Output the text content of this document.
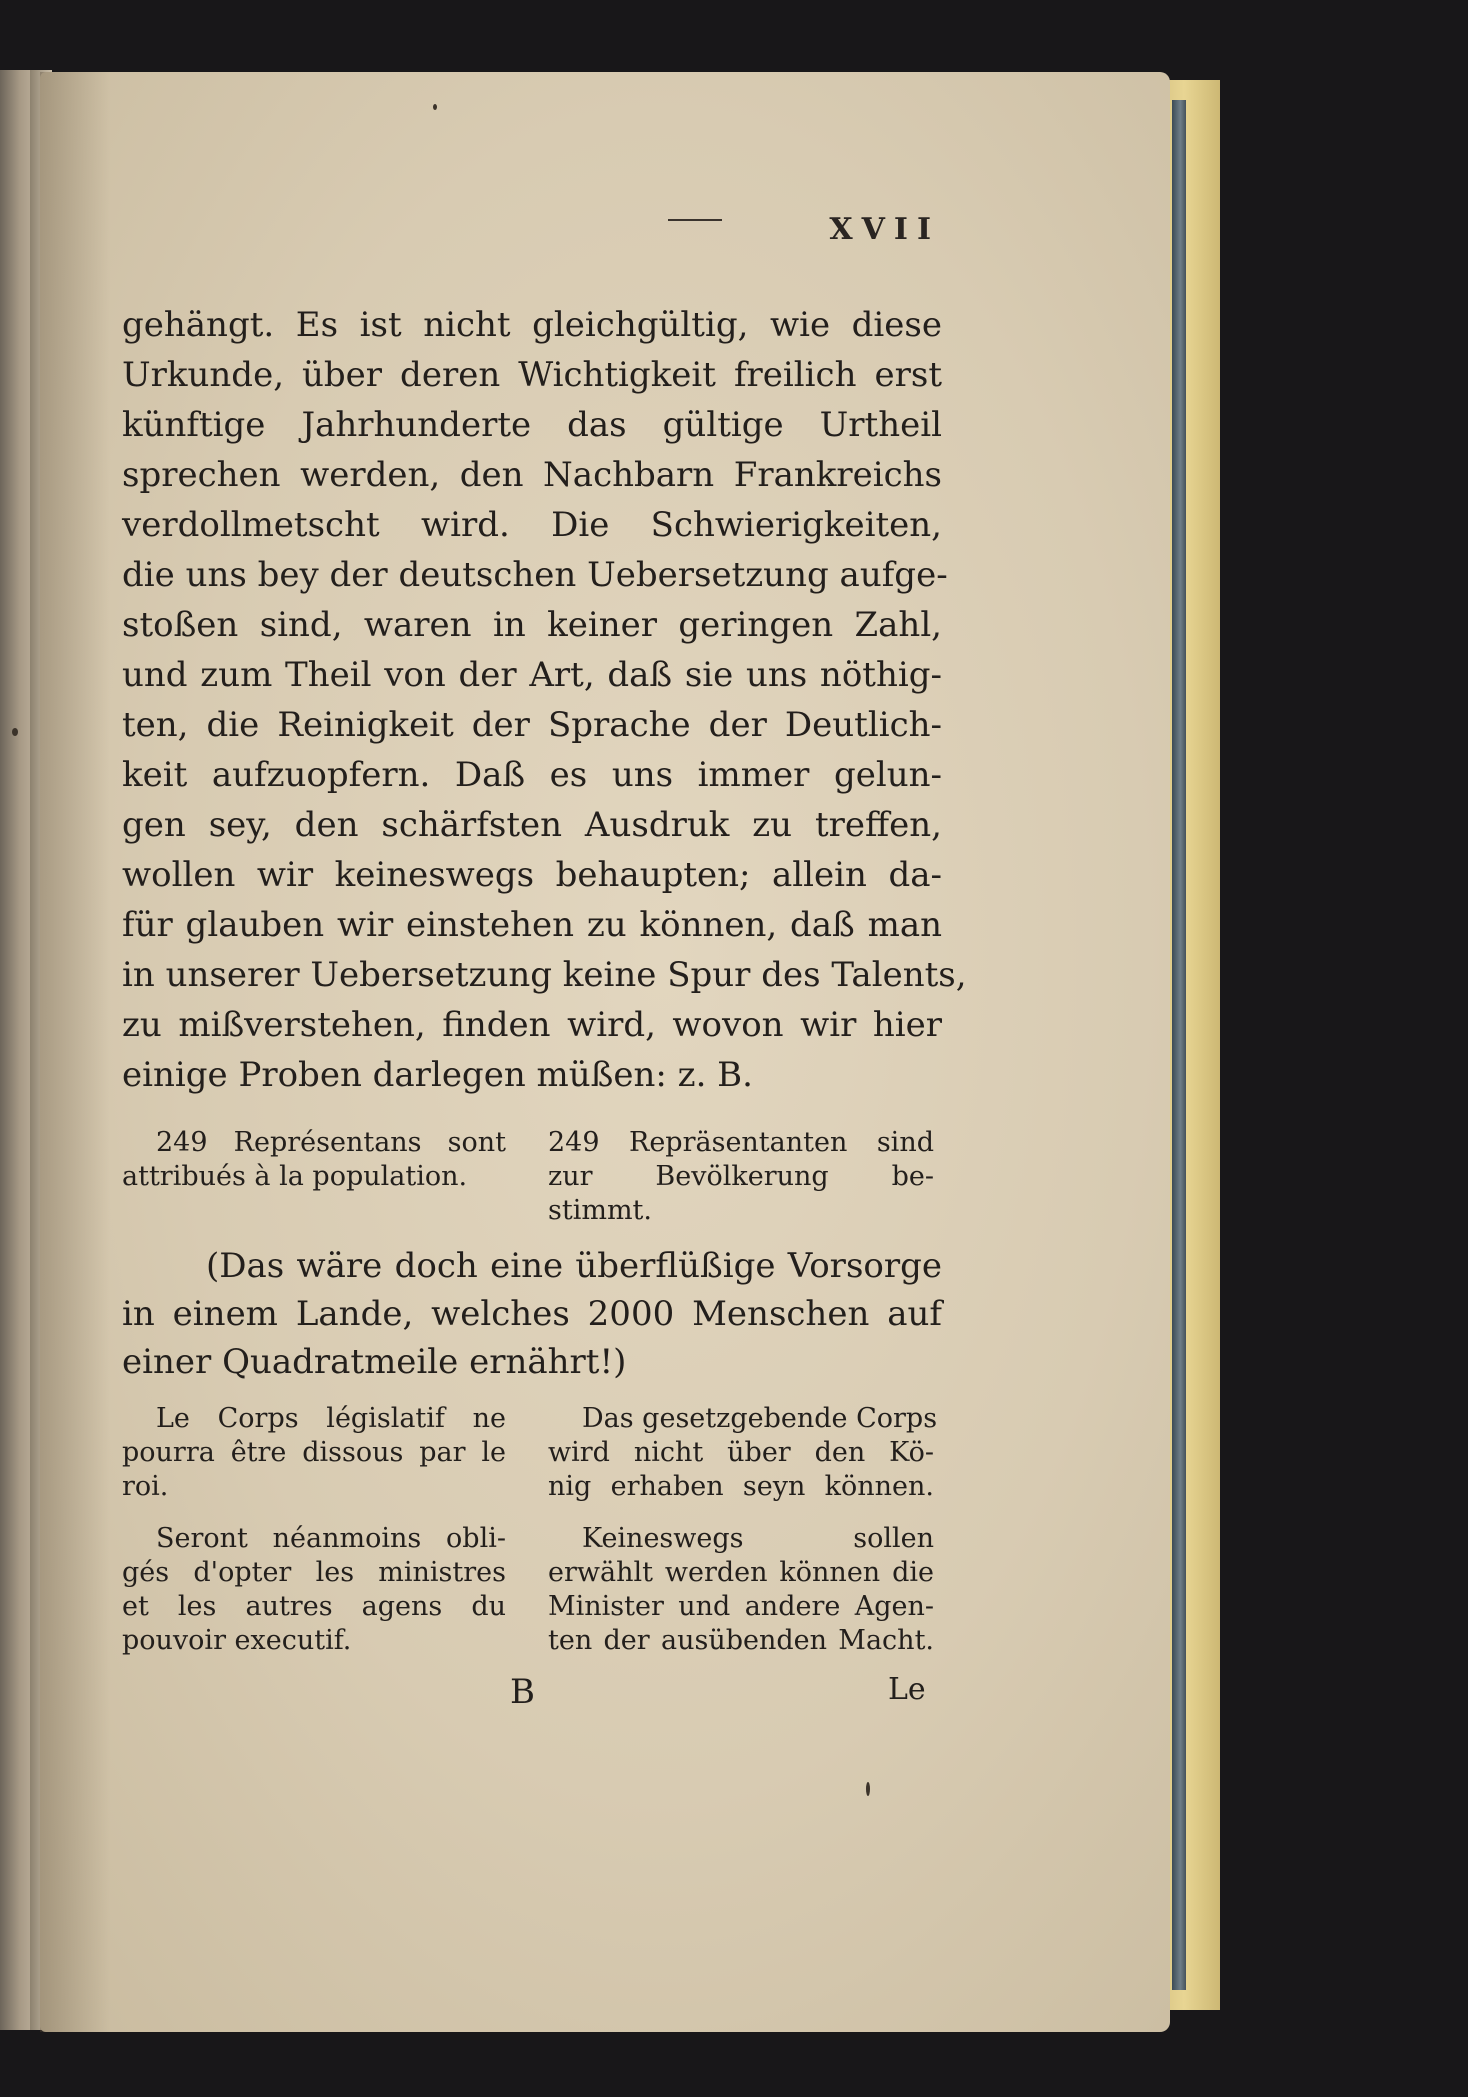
XVII
gehängt. Es ist nicht gleichgültig, wie diese
Urkunde, über deren Wichtigkeit freilich erst
künftige Jahrhunderte das gültige Urtheil
sprechen werden, den Nachbarn Frankreichs
verdollmetscht wird. Die Schwierigkeiten,
die uns bey der deutschen Uebersetzung aufge-
stoßen sind, waren in keiner geringen Zahl,
und zum Theil von der Art, daß sie uns nöthig-
ten, die Reinigkeit der Sprache der Deutlich-
keit aufzuopfern. Daß es uns immer gelun-
gen sey, den schärfsten Ausdruk zu treffen,
wollen wir keineswegs behaupten; allein da-
für glauben wir einstehen zu können, daß man
in unserer Uebersetzung keine Spur des Talents,
zu mißverstehen, finden wird, wovon wir hier
einige Proben darlegen müßen: z. B.
249 Représentans sont
attribués à la population.
249 Repräsentanten sind
zur Bevölkerung be-
stimmt.
(Das wäre doch eine überflüßige Vorsorge
in einem Lande, welches 2000 Menschen auf
einer Quadratmeile ernährt!)
Le Corps législatif ne
pourra être dissous par le
roi.
Das gesetzgebende Corps
wird nicht über den Kö-
nig erhaben seyn können.
Seront néanmoins obli-
gés d'opter les ministres
et les autres agens du
pouvoir executif.
Keineswegs sollen
erwählt werden können die
Minister und andere Agen-
ten der ausübenden Macht.
B	Le
